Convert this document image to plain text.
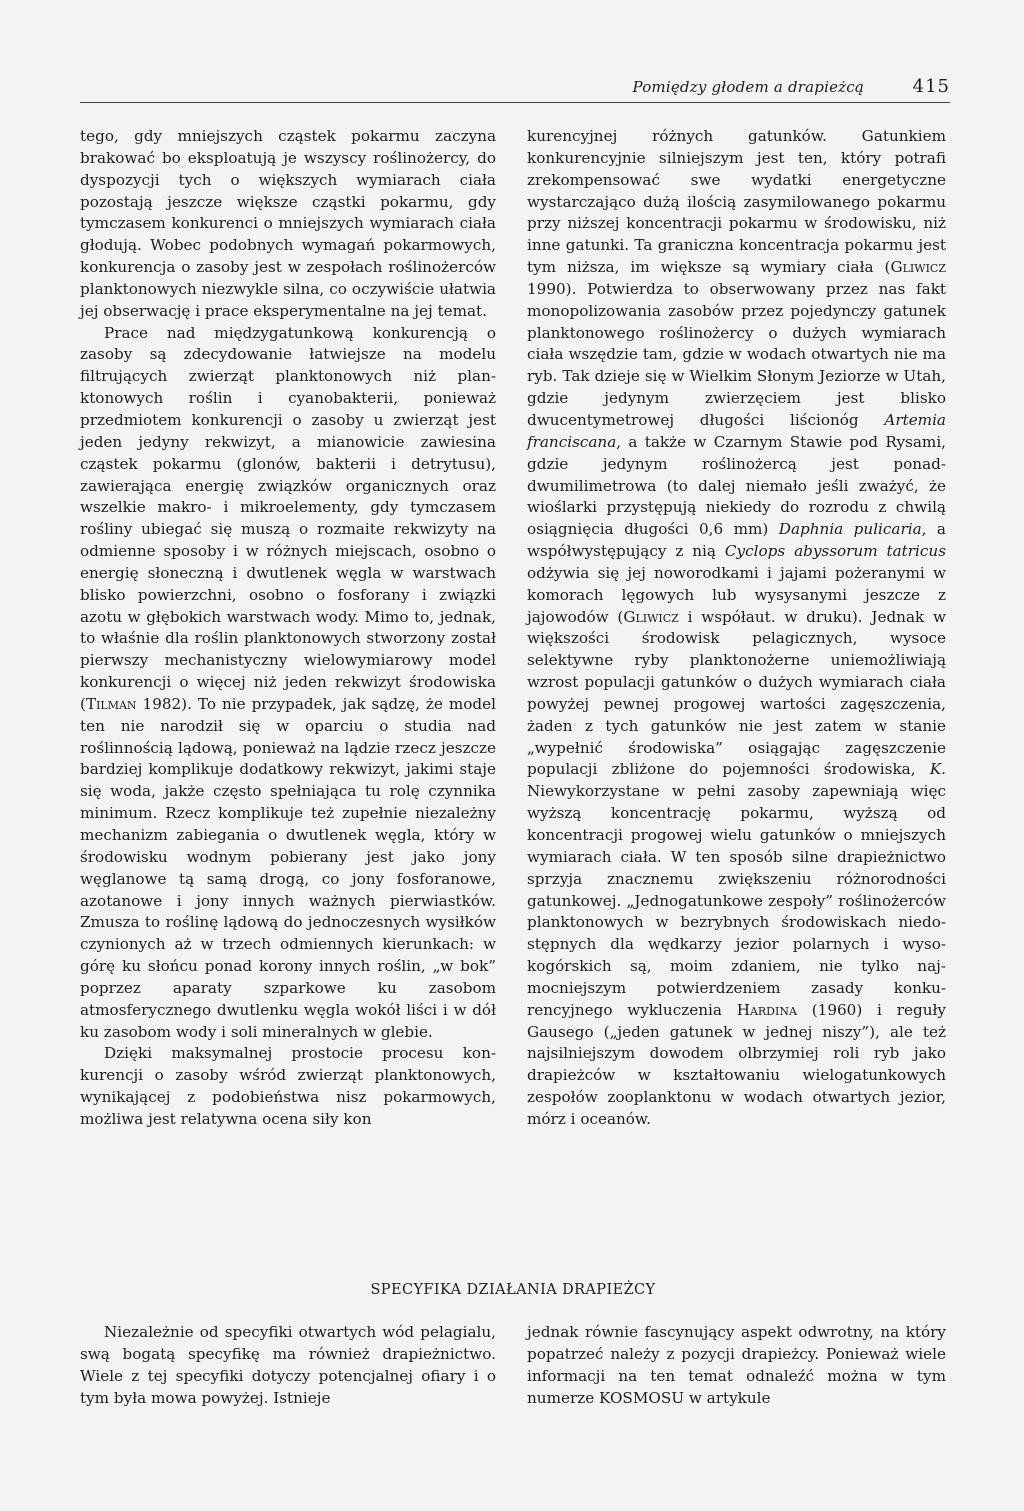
Pomiędzy głodem a drapieżcą	415

tego, gdy mniejszych cząstek pokarmu zaczyna brakować bo eksploatują je wszyscy roślinożercy, do dyspozycji tych o większych wymiarach ciała pozostają jeszcze większe cząstki pokarmu, gdy tymczasem konkurenci o mniejszych wymiarach ciała głodują. Wobec podobnych wymagań pokarmowych, konkurencja o zasoby jest w zespołach roślinożerców planktonowych niezwykle silna, co oczywiście ułatwia jej obserwację i prace eksperymentalne na jej temat.

Prace nad międzygatunkową konkurencją o zasoby są zdecydowanie łatwiejsze na modelu filtrujących zwierząt planktonowych niż planktonowych roślin i cyanobakterii, ponieważ przedmiotem konkurencji o zasoby u zwierząt jest jeden jedyny rekwizyt, a mianowicie zawiesina cząstek pokarmu (glonów, bakterii i detrytusu), zawierająca energię związków organicznych oraz wszelkie makro- i mikroelementy, gdy tymczasem rośliny ubiegać się muszą o rozmaite rekwizyty na odmienne sposoby i w różnych miejscach, osobno o energię słoneczną i dwutlenek węgla w warstwach blisko powierzchni, osobno o fosforany i związki azotu w głębokich warstwach wody. Mimo to, jednak, to właśnie dla roślin planktonowych stworzony został pierwszy mechanistyczny wielowymiarowy model konkurencji o więcej niż jeden rekwizyt środowiska (Tilman 1982). To nie przypadek, jak sądzę, że model ten nie narodził się w oparciu o studia nad roślinnością lądową, ponieważ na lądzie rzecz jeszcze bardziej komplikuje dodatkowy rekwizyt, jakimi staje się woda, jakże często spełniająca tu rolę czynnika minimum. Rzecz komplikuje też zupełnie niezależny mechanizm zabiegania o dwutlenek węgla, który w środowisku wodnym pobierany jest jako jony węglanowe tą samą drogą, co jony fosforanowe, azotanowe i jony innych ważnych pierwiastków. Zmusza to roślinę lądową do jednoczesnych wysiłków czynionych aż w trzech odmiennych kierunkach: w górę ku słońcu ponad korony innych roślin, „w bok” poprzez aparaty szparkowe ku zasobom atmosferycznego dwutlenku węgla wokół liści i w dół ku zasobom wody i soli mineralnych w glebie.

Dzięki maksymalnej prostocie procesu konkurencji o zasoby wśród zwierząt planktonowych, wynikającej z podobieństwa nisz pokarmowych, możliwa jest relatywna ocena siły kon

kurencyjnej różnych gatunków. Gatunkiem konkurencyjnie silniejszym jest ten, który potrafi zrekompensować swe wydatki energetyczne wystarczająco dużą ilością zasymilowanego pokarmu przy niższej koncentracji pokarmu w środowisku, niż inne gatunki. Ta graniczna koncentracja pokarmu jest tym niższa, im większe są wymiary ciała (Gliwicz 1990). Potwierdza to obserwowany przez nas fakt monopolizowania zasobów przez pojedynczy gatunek planktonowego roślinożercy o dużych wymiarach ciała wszędzie tam, gdzie w wodach otwartych nie ma ryb. Tak dzieje się w Wielkim Słonym Jeziorze w Utah, gdzie jedynym zwierzęciem jest blisko dwucentymetrowej długości liścionóg Artemia franciscana, a także w Czarnym Stawie pod Rysami, gdzie jedynym roślinożercą jest ponad-dwumilimetrowa (to dalej niemało jeśli zważyć, że wioślarki przystępują niekiedy do rozrodu z chwilą osiągnięcia długości 0,6 mm) Daphnia pulicaria, a współwystępujący z nią Cyclops abyssorum tatricus odżywia się jej noworodkami i jajami pożeranymi w komorach lęgowych lub wysysanymi jeszcze z jajowodów (Gliwicz i współaut. w druku). Jednak w większości środowisk pelagicznych, wysoce selektywne ryby planktonożerne uniemożliwiają wzrost populacji gatunków o dużych wymiarach ciała powyżej pewnej progowej wartości zagęszczenia, żaden z tych gatunków nie jest zatem w stanie „wypełnić środowiska” osiągając zagęszczenie populacji zbliżone do pojemności środowiska, K. Niewykorzystane w pełni zasoby zapewniają więc wyższą koncentrację pokarmu, wyższą od koncentracji progowej wielu gatunków o mniejszych wymiarach ciała. W ten sposób silne drapieżnictwo sprzyja znacznemu zwiększeniu różnorodności gatunkowej. „Jednogatunkowe zespoły” roślinożerców planktonowych w bezrybnych środowiskach niedostępnych dla wędkarzy jezior polarnych i wysokogórskich są, moim zdaniem, nie tylko najmocniejszym potwierdzeniem zasady konkurencyjnego wykluczenia Hardina (1960) i reguły Gausego („jeden gatunek w jednej niszy”), ale też najsilniejszym dowodem olbrzymiej roli ryb jako drapieżców w kształtowaniu wielogatunkowych zespołów zooplanktonu w wodach otwartych jezior, mórz i oceanów.

SPECYFIKA DZIAŁANIA DRAPIEŻCY

Niezależnie od specyfiki otwartych wód pelagialu, swą bogatą specyfikę ma również drapieżnictwo. Wiele z tej specyfiki dotyczy potencjalnej ofiary i o tym była mowa powyżej. Istnieje

jednak równie fascynujący aspekt odwrotny, na który popatrzeć należy z pozycji drapieżcy. Ponieważ wiele informacji na ten temat odnaleźć można w tym numerze KOSMOSU w artykule
